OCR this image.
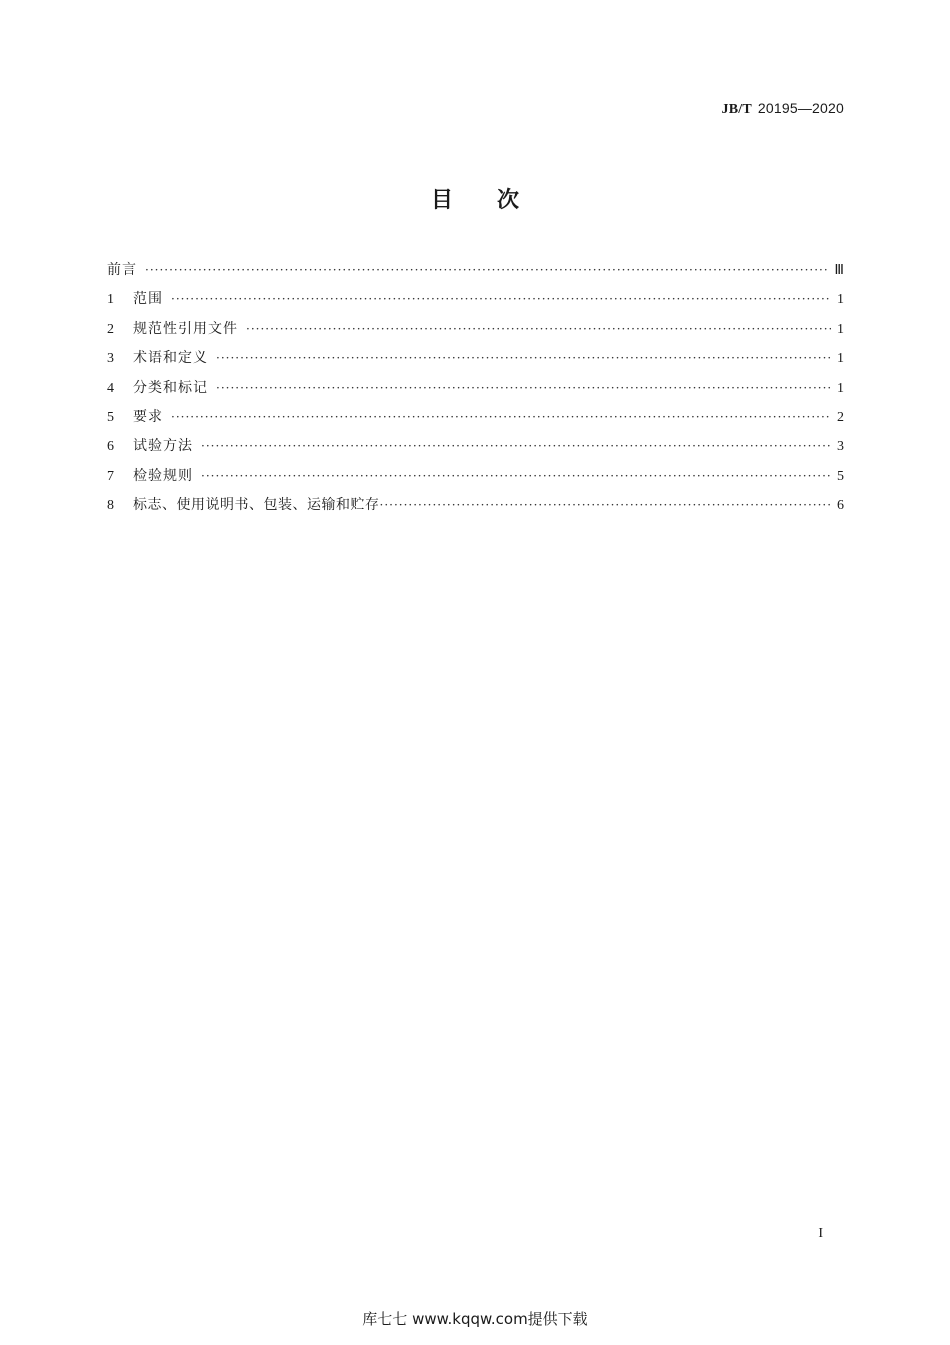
JB/T 20195—2020
目次
前言 ·····	Ⅲ
1	范围 ·····	1
2	规范性引用文件 ·····	1
3	术语和定义 ·····	1
4	分类和标记 ·····	1
5	要求 ·····	2
6	试验方法 ·····	3
7	检验规则 ·····	5
8	标志、使用说明书、包装、运输和贮存 ·····	6
I
库七七 www.kqqw.com提供下载
